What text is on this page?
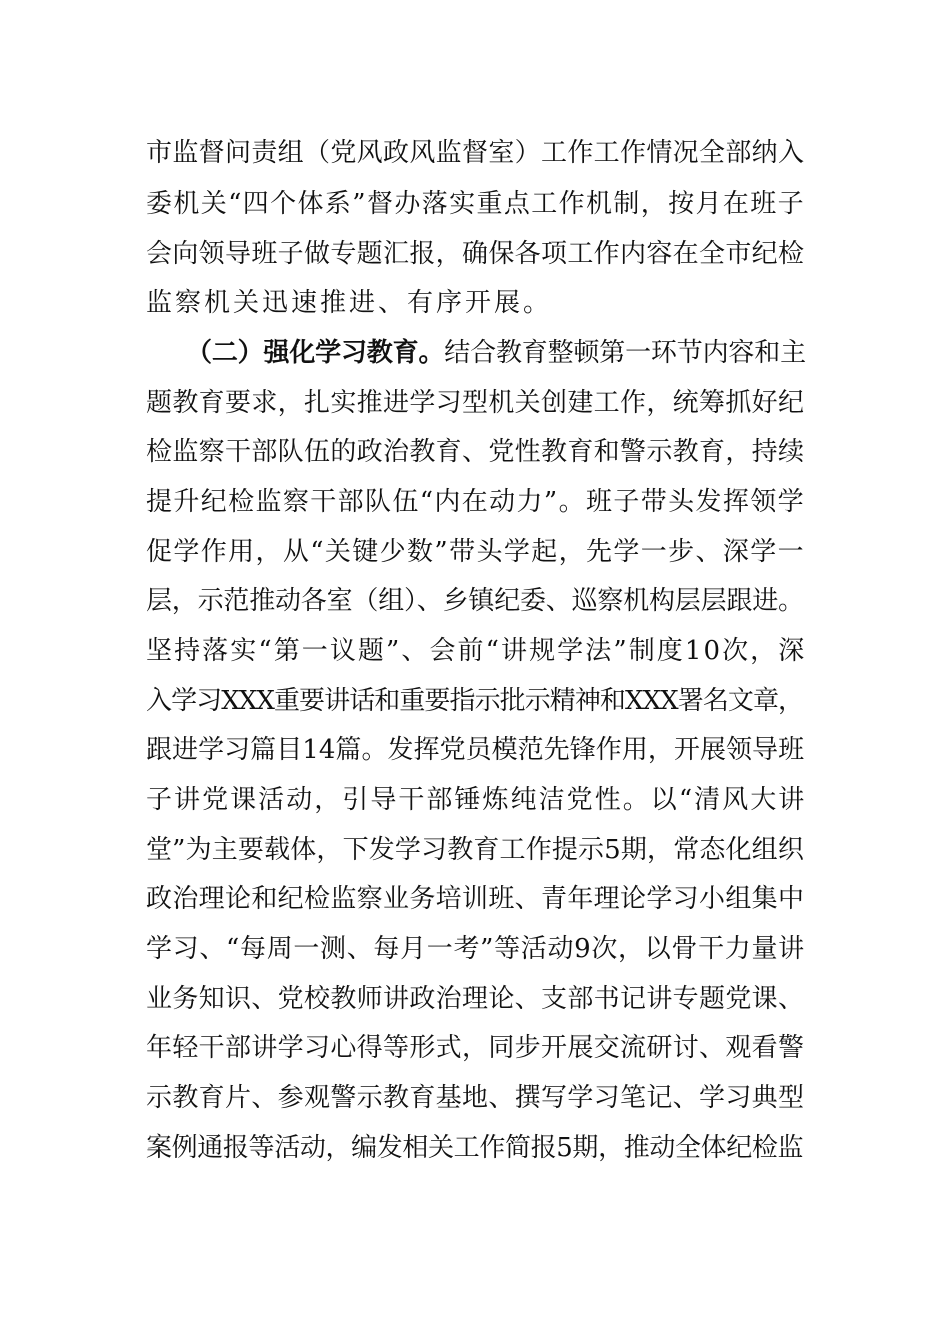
市监督问责组（党风政风监督室）工作工作情况全部纳入
委机关“四个体系”督办落实重点工作机制，按月在班子
会向领导班子做专题汇报，确保各项工作内容在全市纪检
监察机关迅速推进、有序开展。
（二）强化学习教育。结合教育整顿第一环节内容和主
题教育要求，扎实推进学习型机关创建工作，统筹抓好纪
检监察干部队伍的政治教育、党性教育和警示教育，持续
提升纪检监察干部队伍“内在动力”。班子带头发挥领学
促学作用，从“关键少数”带头学起，先学一步、深学一
层，示范推动各室（组）、乡镇纪委、巡察机构层层跟进。
坚持落实“第一议题”、会前“讲规学法”制度10次，深
入学习XXX重要讲话和重要指示批示精神和XXX署名文章，
跟进学习篇目14篇。发挥党员模范先锋作用，开展领导班
子讲党课活动，引导干部锤炼纯洁党性。以“清风大讲
堂”为主要载体，下发学习教育工作提示5期，常态化组织
政治理论和纪检监察业务培训班、青年理论学习小组集中
学习、“每周一测、每月一考”等活动9次，以骨干力量讲
业务知识、党校教师讲政治理论、支部书记讲专题党课、
年轻干部讲学习心得等形式，同步开展交流研讨、观看警
示教育片、参观警示教育基地、撰写学习笔记、学习典型
案例通报等活动，编发相关工作简报5期，推动全体纪检监
